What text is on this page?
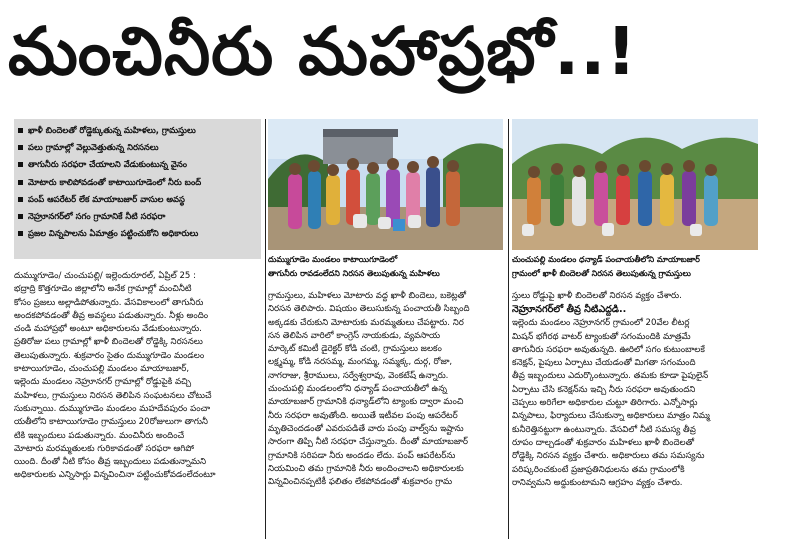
మంచినీరు మహాప్రభో..!
ఖాళీ బిందెలతో రోడ్డెక్కుతున్న మహిళలు, గ్రామస్తులు
పలు గ్రామాల్లో వెల్లువెత్తుతున్న నిరసనలు
తాగునీరు సరఫరా చేయాలని వేడుకుంటున్న వైనం
మోటారు కాలిపోవడంతో కాటాయిగూడెంలో నీరు బంద్
పంప్ ఆపరేటర్ లేక మాయాబజార్ వాసుల అవస్థ
నెహ్రూనగర్‌లో సగం గ్రామానికే నీటి సరఫరా
ప్రజల విన్నపాలను ఏమాత్రం పట్టించుకోని అధికారులు
దుమ్ముగూడెం మండలం కాటాయిగూడెంలో
తాగునీరు రావడంలేదని నిరసన తెలుపుతున్న మహిళలు
చుంచుపల్లి మండలం ధన్యాడ్ పంచాయతీలోని మాయాబజార్
గ్రామంలో ఖాళీ బిందెలతో నిరసన తెలుపుతున్న గ్రామస్తులు

దుమ్ముగూడెం/ చుంచుపల్లి/ ఇల్లెందురూరల్‌, ఏప్రిల్‌ 25 :

భద్రాద్రి కొత్తగూడెం జిల్లాలోని అనేక గ్రామాల్లో మంచినీటి

కోసం ప్రజలు అల్లాడిపోతున్నారు. వేసవికాలంలో తాగునీరు

అందకపోవడంతో తీవ్ర అవస్థలు పడుతున్నారు. నీళ్లు అందిం

చండి మహాప్రభో అంటూ అధికారులను వేడుకుంటున్నారు.

ప్రతిరోజు పలు గ్రామాల్లో ఖాళీ బిందెలతో రోడ్డెక్కి నిరసనలు

తెలుపుతున్నారు. శుక్రవారం సైతం దుమ్ముగూడెం మండలం

కాటాయిగూడెం, చుంచుపల్లి మండలం మాయాబజార్‌,

ఇల్లెందు మండలం నెహ్రూనగర్‌ గ్రామాల్లో రోడ్డుపైకి వచ్చి

మహిళలు, గ్రామస్తులు నిరసన తెలిపిన సంఘటనలు చోటుచే

సుకున్నాయి. దుమ్ముగూడెం మండలం మహదేవపురం పంచా

యతీలోని కాటాయిగూడెం గ్రామస్తులు 20రోజులుగా తాగునీ

టికి ఇబ్బందులు పడుతున్నారు. మంచినీరు అందించే

మోటారు మరమ్మతులకు గురికావడంతో సరఫరా ఆగిపో

యింది. దీంతో నీటి కోసం తీవ్ర ఇబ్బందులు పడుతున్నామని

అధికారులకు ఎన్నిసార్లు విన్నవించినా పట్టించుకోవడంలేదంటూ

గ్రామస్తులు, మహిళలు మోటారు వద్ద ఖాళీ బిందెలు, బకెట్లతో

నిరసన తెలిపారు. విషయం తెలుసుకున్న పంచాయతీ సిబ్బంది

అక్కడకు చేరుకుని మోటారుకు మరమ్మతులు చేపట్టారు. నిర

సన తెలిపిన వారిలో కాంగ్రెస్‌ నాయకుడు, వ్యవసాయ

మార్కెట్‌ కమిటీ డైరెక్టర్‌ కోడి చంటి, గ్రామస్తులు జలకం

లక్ష్మమ్మ, కోడి నరసమ్మ, మంగమ్మ, సమ్మక్క, దుర్గ, రోజా,

నాగరాజు, శ్రీరాములు, సర్వేశ్వరావు, వెంకటేష్‌ ఉన్నారు.

చుంచుపల్లి మండలంలోని ధన్యాడ్‌ పంచాయతీలో ఉన్న

మాయాబజార్‌ గ్రామానికి ధన్యాడ్‌లోని ట్యాంకు ద్వారా మంచి

నీరు సరఫరా అవుతోంది. అయితే ఇటీవల పంపు ఆపరేటర్‌

మృతిచెందడంతో ఎవరుపడితే వారు పంపు వాల్వ్‌ను ఇష్టాను

సారంగా తిప్పి నీటి సరఫరా చేస్తున్నారు. దీంతో మాయాబజార్‌

గ్రామానికి సరిపడా నీరు అందడం లేదు. పంప్‌ ఆపరేటర్‌ను

నియమించి తమ గ్రామానికి నీరు అందించాలని అధికారులకు

విన్నవించినప్పటికీ ఫలితం లేకపోవడంతో శుక్రవారం గ్రామ

స్తులు రోడ్డుపై ఖాళీ బిందెలతో నిరసన వ్యక్తం చేశారు.

నెహ్రూనగర్‌లో తీవ్ర నీటిఎద్దడి..

ఇల్లెందు మండలం నెహ్రూనగర్‌ గ్రామంలో 20వేల లీటర్ల

మిషన్‌ భగీరథ వాటర్‌ ట్యాంకుతో సగంమందికి మాత్రమే

తాగునీరు సరఫరా అవుతున్నది. ఊరిలో సగం కుటుంబాలకే

కనెక్షన్‌, పైపులు ఏర్పాటు చేయడంతో మిగతా సగంమంది

తీవ్ర ఇబ్బందులు ఎదుర్కొంటున్నారు. తమకు కూడా పైపులైన్‌

ఏర్పాటు చేసి కనెక్షన్‌ను ఇచ్చి నీరు సరఫరా అవుతుందని

చెప్పలు అరిగేలా అధికారుల చుట్టూ తిరిగారు. ఎన్నోసార్లు

విన్నపాలు, ఫిర్యాదులు చేసుకున్నా అధికారులు మాత్రం నిమ్మ

కునీరెత్తినట్టుగా ఉంటున్నారు. వేసవిలో నీటి సమస్య తీవ్ర

రూపం దాల్చడంతో శుక్రవారం మహిళలు ఖాళీ బిందెలతో

రోడ్డెక్కి నిరసన వ్యక్తం చేశారు. అధికారులు తమ సమస్యను

పరిష్కరించకుంటే ప్రజాప్రతినిధులను తమ గ్రామంలోకి

రానివ్వమని అద్దుకుంటామని ఆగ్రహం వ్యక్తం చేశారు.
